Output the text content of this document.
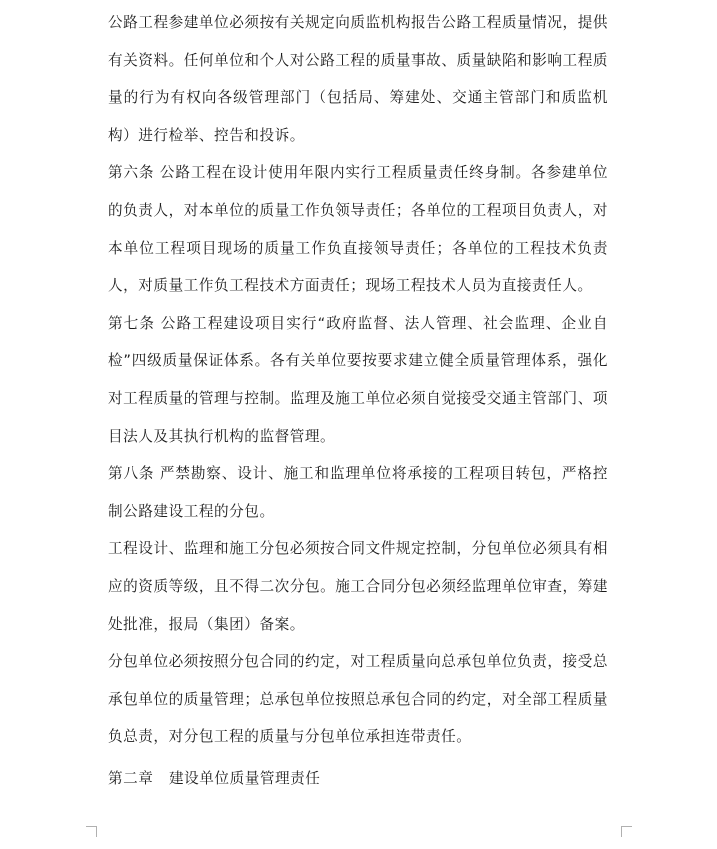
公路工程参建单位必须按有关规定向质监机构报告公路工程质量情况，提供有关资料。任何单位和个人对公路工程的质量事故、质量缺陷和影响工程质量的行为有权向各级管理部门（包括局、筹建处、交通主管部门和质监机构）进行检举、控告和投诉。

第六条 公路工程在设计使用年限内实行工程质量责任终身制。各参建单位的负责人，对本单位的质量工作负领导责任；各单位的工程项目负责人，对本单位工程项目现场的质量工作负直接领导责任；各单位的工程技术负责人，对质量工作负工程技术方面责任；现场工程技术人员为直接责任人。

第七条 公路工程建设项目实行“政府监督、法人管理、社会监理、企业自检”四级质量保证体系。各有关单位要按要求建立健全质量管理体系，强化对工程质量的管理与控制。监理及施工单位必须自觉接受交通主管部门、项目法人及其执行机构的监督管理。

第八条 严禁勘察、设计、施工和监理单位将承接的工程项目转包，严格控制公路建设工程的分包。

工程设计、监理和施工分包必须按合同文件规定控制，分包单位必须具有相应的资质等级，且不得二次分包。施工合同分包必须经监理单位审查，筹建处批准，报局（集团）备案。

分包单位必须按照分包合同的约定，对工程质量向总承包单位负责，接受总承包单位的质量管理；总承包单位按照总承包合同的约定，对全部工程质量负总责，对分包工程的质量与分包单位承担连带责任。

第二章   建设单位质量管理责任
